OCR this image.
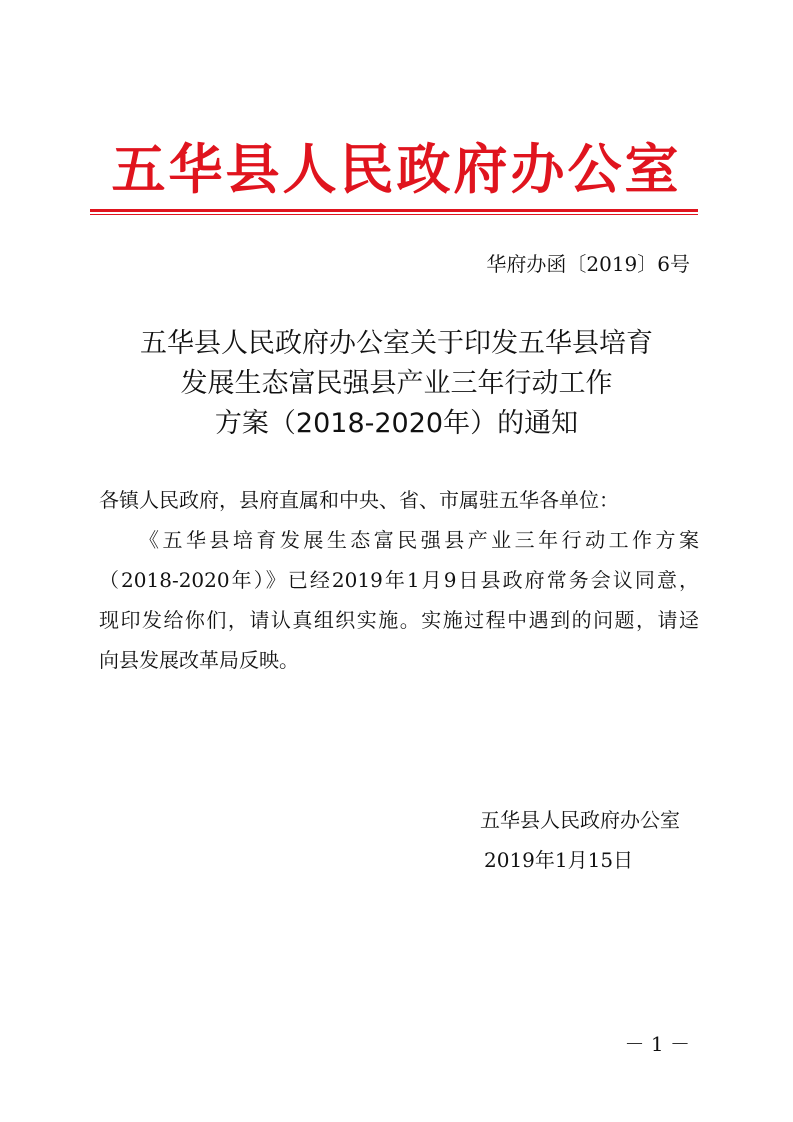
五华县人民政府办公室
华府办函〔2019〕6号
五华县人民政府办公室关于印发五华县培育
发展生态富民强县产业三年行动工作
方案（2018-2020年）的通知
各镇人民政府，县府直属和中央、省、市属驻五华各单位：
《五华县培育发展生态富民强县产业三年行动工作方案
（2018-2020年）》已经2019年1月9日县政府常务会议同意，
现印发给你们，请认真组织实施。实施过程中遇到的问题，请迳
向县发展改革局反映。
五华县人民政府办公室
2019年1月15日
－ 1 －
